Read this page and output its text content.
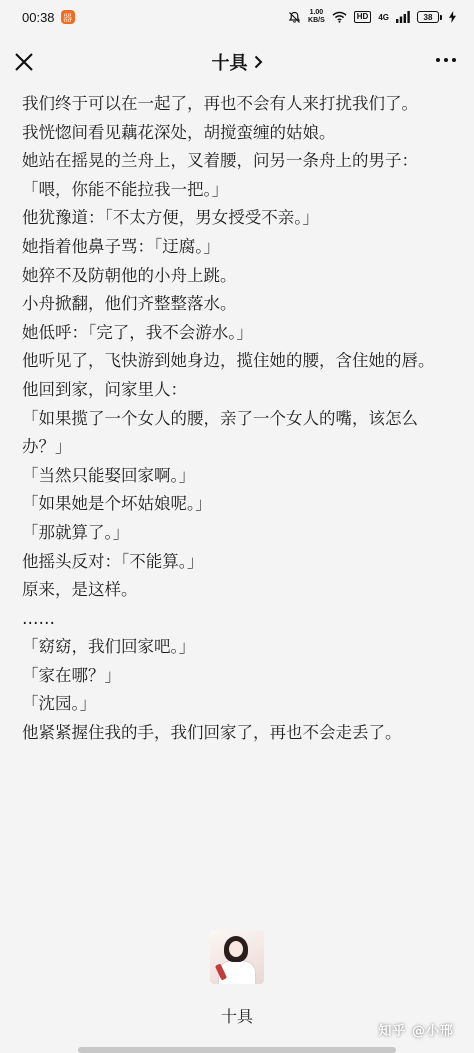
00:38 器	1.00
KB/S	HD	4G	38
十具

我们终于可以在一起了，再也不会有人来打扰我们了。

我恍惚间看见藕花深处，胡搅蛮缠的姑娘。

她站在摇晃的兰舟上，叉着腰，问另一条舟上的男子：

「喂，你能不能拉我一把。」

他犹豫道：「不太方便，男女授受不亲。」

她指着他鼻子骂：「迂腐。」

她猝不及防朝他的小舟上跳。

小舟掀翻，他们齐整整落水。

她低呼：「完了，我不会游水。」

他听见了，飞快游到她身边，揽住她的腰，含住她的唇。

他回到家，问家里人：

「如果揽了一个女人的腰，亲了一个女人的嘴，该怎么办？」

「当然只能娶回家啊。」

「如果她是个坏姑娘呢。」

「那就算了。」

他摇头反对：「不能算。」

原来，是这样。

……

「窈窈，我们回家吧。」

「家在哪？」

「沈园。」

他紧紧握住我的手，我们回家了，再也不会走丢了。

十具
知乎 @小邢
